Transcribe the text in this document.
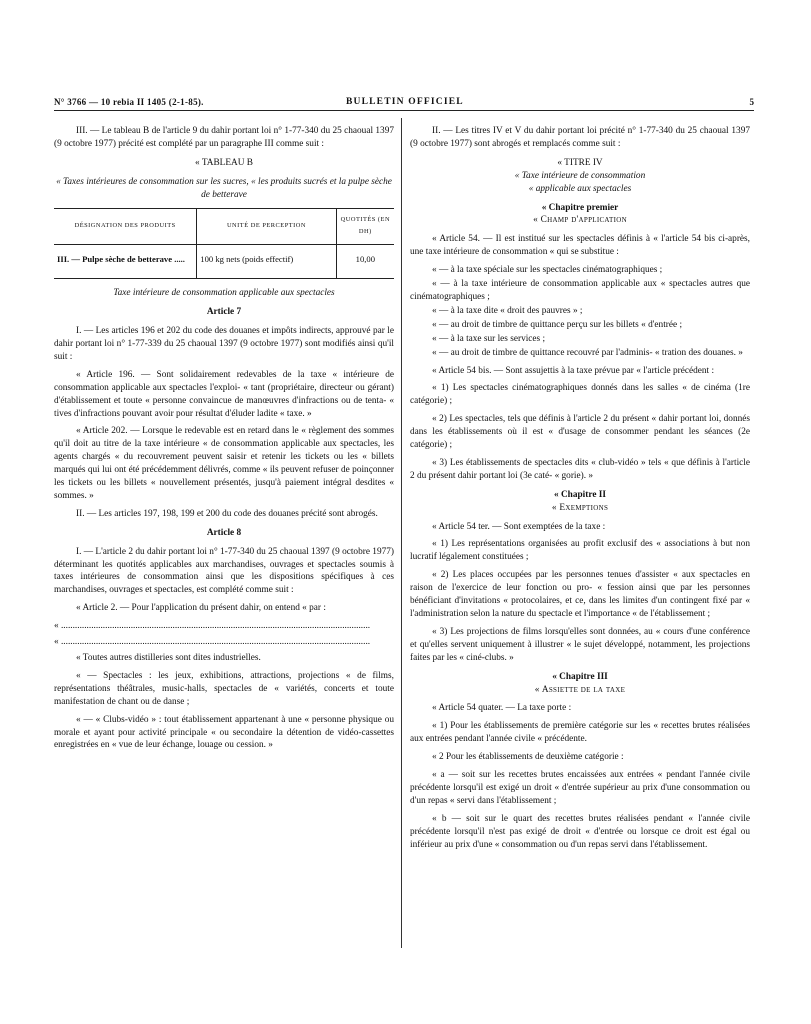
N° 3766 — 10 rebia II 1405 (2-1-85).	BULLETIN OFFICIEL	5

III. — Le tableau B de l'article 9 du dahir portant loi n° 1-77-340 du 25 chaoual 1397 (9 octobre 1977) précité est complété par un paragraphe III comme suit :

« TABLEAU B

« Taxes intérieures de consommation sur les sucres, « les produits sucrés et la pulpe sèche de betterave

DÉSIGNATION DES PRODUITS	UNITÉ DE PERCEPTION	QUOTITÉS (EN DH)
III. — Pulpe sèche de betterave .....	100 kg nets (poids effectif)	10,00

Taxe intérieure de consommation applicable aux spectacles

Article 7

I. — Les articles 196 et 202 du code des douanes et impôts indirects, approuvé par le dahir portant loi n° 1-77-339 du 25 chaoual 1397 (9 octobre 1977) sont modifiés ainsi qu'il suit :

« Article 196. — Sont solidairement redevables de la taxe « intérieure de consommation applicable aux spectacles l'exploi- « tant (propriétaire, directeur ou gérant) d'établissement et toute « personne convaincue de manœuvres d'infractions ou de tenta- « tives d'infractions pouvant avoir pour résultat d'éluder ladite « taxe. »

« Article 202. — Lorsque le redevable est en retard dans le « règlement des sommes qu'il doit au titre de la taxe intérieure « de consommation applicable aux spectacles, les agents chargés « du recouvrement peuvent saisir et retenir les tickets ou les « billets marqués qui lui ont été précédemment délivrés, comme « ils peuvent refuser de poinçonner les tickets ou les billets « nouvellement présentés, jusqu'à paiement intégral desdites « sommes. »

II. — Les articles 197, 198, 199 et 200 du code des douanes précité sont abrogés.

Article 8

I. — L'article 2 du dahir portant loi n° 1-77-340 du 25 chaoual 1397 (9 octobre 1977) déterminant les quotités applicables aux marchandises, ouvrages et spectacles soumis à taxes intérieures de consommation ainsi que les dispositions spécifiques à ces marchandises, ouvrages et spectacles, est complété comme suit :

« Article 2. — Pour l'application du présent dahir, on entend « par :

« .....................................................................................................................................
« .....................................................................................................................................

« Toutes autres distilleries sont dites industrielles.

« — Spectacles : les jeux, exhibitions, attractions, projections « de films, représentations théâtrales, music-halls, spectacles de « variétés, concerts et toute manifestation de chant ou de danse ;

« — « Clubs-vidéo » : tout établissement appartenant à une « personne physique ou morale et ayant pour activité principale « ou secondaire la détention de vidéo-cassettes enregistrées en « vue de leur échange, louage ou cession. »

II. — Les titres IV et V du dahir portant loi précité n° 1-77-340 du 25 chaoual 1397 (9 octobre 1977) sont abrogés et remplacés comme suit :

« TITRE IV

« Taxe intérieure de consommation

« applicable aux spectacles

« Chapitre premier

« Champ d'application

« Article 54. — Il est institué sur les spectacles définis à « l'article 54 bis ci-après, une taxe intérieure de consommation « qui se substitue :

« — à la taxe spéciale sur les spectacles cinématographiques ;

« — à la taxe intérieure de consommation applicable aux « spectacles autres que cinématographiques ;

« — à la taxe dite « droit des pauvres » ;

« — au droit de timbre de quittance perçu sur les billets « d'entrée ;

« — à la taxe sur les services ;

« — au droit de timbre de quittance recouvré par l'adminis- « tration des douanes. »

« Article 54 bis. — Sont assujettis à la taxe prévue par « l'article précédent :

« 1) Les spectacles cinématographiques donnés dans les salles « de cinéma (1re catégorie) ;

« 2) Les spectacles, tels que définis à l'article 2 du présent « dahir portant loi, donnés dans les établissements où il est « d'usage de consommer pendant les séances (2e catégorie) ;

« 3) Les établissements de spectacles dits « club-vidéo » tels « que définis à l'article 2 du présent dahir portant loi (3e caté- « gorie). »

« Chapitre II

« Exemptions

« Article 54 ter. — Sont exemptées de la taxe :

« 1) Les représentations organisées au profit exclusif des « associations à but non lucratif légalement constituées ;

« 2) Les places occupées par les personnes tenues d'assister « aux spectacles en raison de l'exercice de leur fonction ou pro- « fession ainsi que par les personnes bénéficiant d'invitations « protocolaires, et ce, dans les limites d'un contingent fixé par « l'administration selon la nature du spectacle et l'importance « de l'établissement ;

« 3) Les projections de films lorsqu'elles sont données, au « cours d'une conférence et qu'elles servent uniquement à illustrer « le sujet développé, notamment, les projections faites par les « ciné-clubs. »

« Chapitre III

« Assiette de la taxe

« Article 54 quater. — La taxe porte :

« 1) Pour les établissements de première catégorie sur les « recettes brutes réalisées aux entrées pendant l'année civile « précédente.

« 2 Pour les établissements de deuxième catégorie :

« a — soit sur les recettes brutes encaissées aux entrées « pendant l'année civile précédente lorsqu'il est exigé un droit « d'entrée supérieur au prix d'une consommation ou d'un repas « servi dans l'établissement ;

« b — soit sur le quart des recettes brutes réalisées pendant « l'année civile précédente lorsqu'il n'est pas exigé de droit « d'entrée ou lorsque ce droit est égal ou inférieur au prix d'une « consommation ou d'un repas servi dans l'établissement.
